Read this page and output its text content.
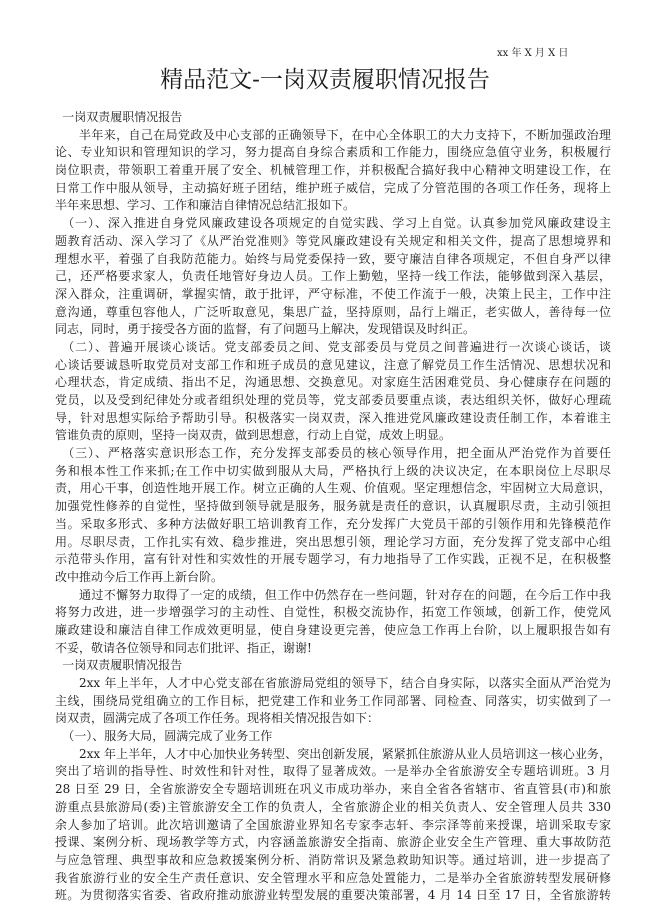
xx 年 X 月 X 日
精品范文-一岗双责履职情况报告
一岗双责履职情况报告
半年来，自己在局党政及中心支部的正确领导下，在中心全体职工的大力支持下，不断加强政治理
论、专业知识和管理知识的学习，努力提高自身综合素质和工作能力，围绕应急值守业务，积极履行
岗位职责，带领职工着重开展了安全、机械管理工作，并积极配合搞好我中心精神文明建设工作，在
日常工作中服从领导，主动搞好班子团结，维护班子威信，完成了分管范围的各项工作任务，现将上
半年来思想、学习、工作和廉洁自律情况总结汇报如下。
（一）、深入推进自身党风廉政建设各项规定的自觉实践、学习上自觉。认真参加党风廉政建设主
题教育活动、深入学习了《从严治党准则》等党风廉政建设有关规定和相关文件，提高了思想境界和
理想水平，着强了自我防范能力。始终与局党委保持一致，要守廉洁自律各项规定，不但自身严以律
己，还严格要求家人，负责任地管好身边人员。工作上勤勉，坚持一线工作法，能够做到深入基层，
深入群众，注重调研，掌握实情，敢于批评，严守标准，不使工作流于一般，决策上民主，工作中注
意沟通，尊重包容他人，广泛听取意见，集思广益，坚持原则，品行上端正，老实做人，善待每一位
同志，同时，勇于接受各方面的监督，有了问题马上解决，发现错误及时纠正。
（二）、普遍开展谈心谈话。党支部委员之间、党支部委员与党员之间普遍进行一次谈心谈话，谈
心谈话要诚恳听取党员对支部工作和班子成员的意见建议，注意了解党员工作生活情况、思想状况和
心理状态，肯定成绩、指出不足，沟通思想、交换意见。对家庭生活困难党员、身心健康存在问题的
党员，以及受到纪律处分或者组织处理的党员等，党支部委员要重点谈，表达组织关怀，做好心理疏
导，针对思想实际给予帮助引导。积极落实一岗双责，深入推进党风廉政建设责任制工作，本着谁主
管谁负责的原则，坚持一岗双责，做到思想意，行动上自觉，成效上明显。
（三）、严格落实意识形态工作，充分发挥支部委员的核心领导作用，把全面从严治党作为首要任
务和根本性工作来抓;在工作中切实做到服从大局，严格执行上级的决议决定，在本职岗位上尽职尽
责，用心干事，创造性地开展工作。树立正确的人生观、价值观。坚定理想信念，牢固树立大局意识，
加强党性修养的自觉性，坚持做到领导就是服务，服务就是责任的意识，认真履职尽责，主动引领担
当。采取多形式、多种方法做好职工培训教育工作，充分发挥广大党员干部的引领作用和先锋模范作
用。尽职尽责，工作扎实有效、稳步推进，突出思想引领，理论学习方面，充分发挥了党支部中心组
示范带头作用，富有针对性和实效性的开展专题学习，有力地指导了工作实践，正视不足，在积极整
改中推动今后工作再上新台阶。
通过不懈努力取得了一定的成绩，但工作中仍然存在一些问题，针对存在的问题，在今后工作中我
将努力改进，进一步增强学习的主动性、自觉性，积极交流协作，拓宽工作领域，创新工作，使党风
廉政建设和廉洁自律工作成效更明显，使自身建设更完善，使应急工作再上台阶，以上履职报告如有
不妥，敬请各位领导和同志们批评、指正，谢谢!
一岗双责履职情况报告
2xx 年上半年，人才中心党支部在省旅游局党组的领导下，结合自身实际，以落实全面从严治党为
主线，围绕局党组确立的工作目标，把党建工作和业务工作同部署、同检查、同落实，切实做到了一
岗双责，圆满完成了各项工作任务。现将相关情况报告如下：
（一）、服务大局，圆满完成了业务工作
2xx 年上半年，人才中心加快业务转型、突出创新发展，紧紧抓住旅游从业人员培训这一核心业务，
突出了培训的指导性、时效性和针对性，取得了显著成效。一是举办全省旅游安全专题培训班。3 月
28 日至 29 日，全省旅游安全专题培训班在巩义市成功举办，来自全省各省辖市、省直管县(市)和旅
游重点县旅游局(委)主管旅游安全工作的负责人，全省旅游企业的相关负责人、安全管理人员共 330
余人参加了培训。此次培训邀请了全国旅游业界知名专家李志轩、李宗泽等前来授课，培训采取专家
授课、案例分析、现场教学等方式，内容涵盖旅游安全指南、旅游企业安全生产管理、重大事故防范
与应急管理、典型事故和应急救援案例分析、消防常识及紧急救助知识等。通过培训，进一步提高了
我省旅游行业的安全生产责任意识、安全管理水平和应急处置能力，二是举办全省旅游转型发展研修
班。为贯彻落实省委、省政府推动旅游业转型发展的重要决策部署，4 月 14 日至 17 日，全省旅游转
